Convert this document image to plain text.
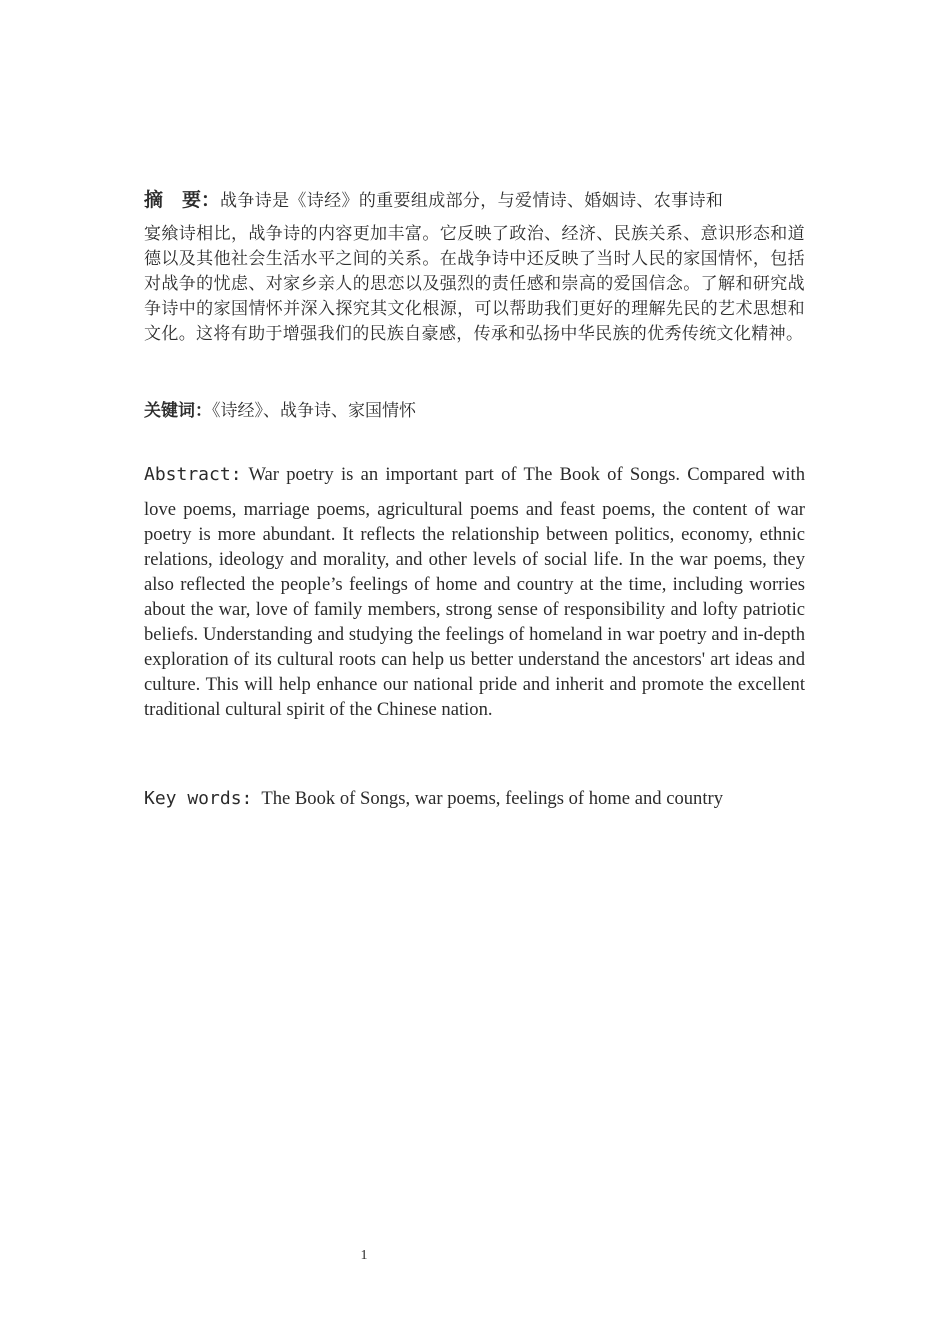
摘　要：战争诗是《诗经》的重要组成部分，与爱情诗、婚姻诗、农事诗和
宴飨诗相比，战争诗的内容更加丰富。它反映了政治、经济、民族关系、意识形态和道德以及其他社会生活水平之间的关系。在战争诗中还反映了当时人民的家国情怀，包括对战争的忧虑、对家乡亲人的思恋以及强烈的责任感和崇高的爱国信念。了解和研究战争诗中的家国情怀并深入探究其文化根源，可以帮助我们更好的理解先民的艺术思想和文化。这将有助于增强我们的民族自豪感，传承和弘扬中华民族的优秀传统文化精神。
关键词：《诗经》、战争诗、家国情怀
Abstract: War poetry is an important part of The Book of Songs. Compared with
love poems, marriage poems, agricultural poems and feast poems, the content of war poetry is more abundant. It reflects the relationship between politics, economy, ethnic relations, ideology and morality, and other levels of social life. In the war poems, they also reflected the people’s feelings of home and country at the time, including worries about the war, love of family members, strong sense of responsibility and lofty patriotic beliefs. Understanding and studying the feelings of homeland in war poetry and in-depth exploration of its cultural roots can help us better understand the ancestors' art ideas and culture. This will help enhance our national pride and inherit and promote the excellent traditional cultural spirit of the Chinese nation.
Key words: The Book of Songs, war poems, feelings of home and country
1
